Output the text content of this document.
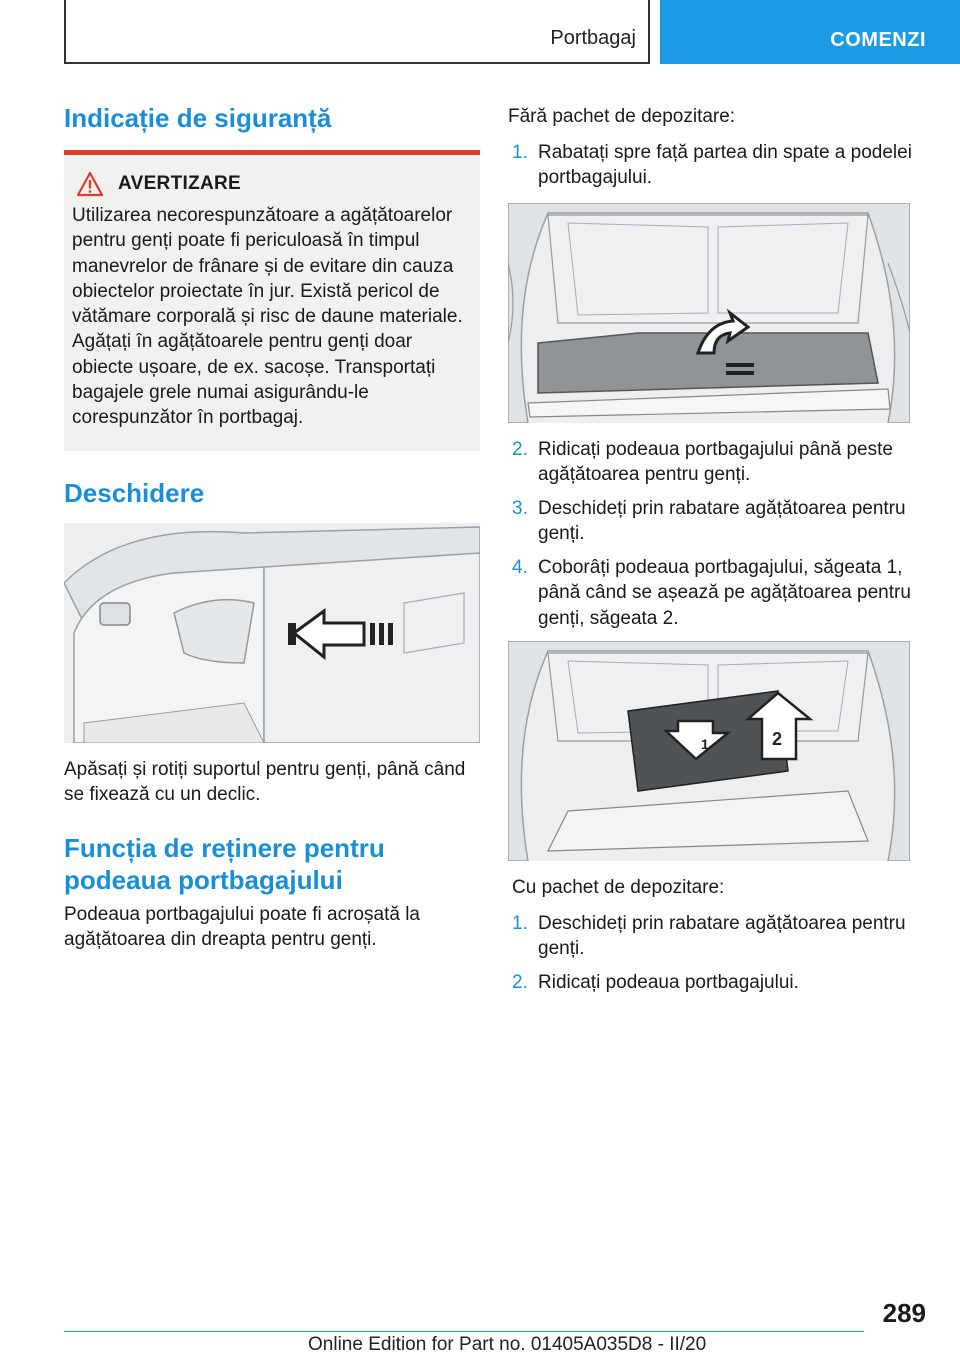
Portbagaj	COMENZI
Indicație de siguranță
AVERTIZARE

Utilizarea necorespunzătoare a agățătoarelor pentru genți poate fi periculoasă în timpul manevrelor de frânare și de evitare din cauza obiectelor proiectate în jur. Există pericol de vătămare corporală și risc de daune materiale. Agățați în agățătoarele pentru genți doar obiecte ușoare, de ex. sacoșe. Transportați bagajele grele numai asigurându-le corespunzător în portbagaj.

Deschidere

Apăsați și rotiți suportul pentru genți, până când se fixează cu un declic.

Funcția de reținere pentru podeaua portbagajului

Podeaua portbagajului poate fi acroșată la agățătoarea din dreapta pentru genți.

Fără pachet de depozitare:

1. Rabatați spre față partea din spate a podelei portbagajului.
2. Ridicați podeaua portbagajului până peste agățătoarea pentru genți.
3. Deschideți prin rabatare agățătoarea pentru genți.
4. Coborâți podeaua portbagajului, săgeata 1, până când se așează pe agățătoarea pentru genți, săgeata 2.
1	2

Cu pachet de depozitare:

1. Deschideți prin rabatare agățătoarea pentru genți.
2. Ridicați podeaua portbagajului.
289
Online Edition for Part no. 01405A035D8 - II/20
